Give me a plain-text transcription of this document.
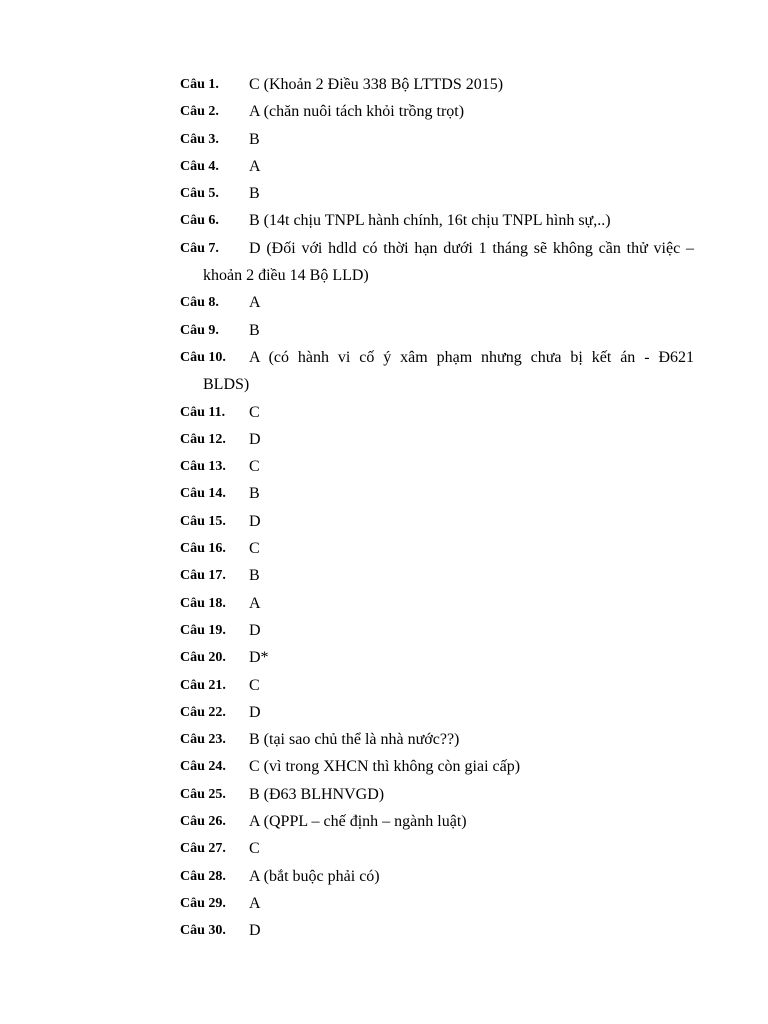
Câu 1.	C (Khoản 2 Điều 338 Bộ LTTDS 2015)
Câu 2.	A (chăn nuôi tách khỏi trồng trọt)
Câu 3.	B
Câu 4.	A
Câu 5.	B
Câu 6.	B (14t chịu TNPL hành chính, 16t chịu TNPL hình sự,..)
Câu 7.	D (Đối với hdld có thời hạn dưới 1 tháng sẽ không cần thử việc –
khoản 2 điều 14 Bộ LLD)
Câu 8.	A
Câu 9.	B
Câu 10.	A (có hành vi cố ý xâm phạm nhưng chưa bị kết án - Đ621
BLDS)
Câu 11.	C
Câu 12.	D
Câu 13.	C
Câu 14.	B
Câu 15.	D
Câu 16.	C
Câu 17.	B
Câu 18.	A
Câu 19.	D
Câu 20.	D*
Câu 21.	C
Câu 22.	D
Câu 23.	B (tại sao chủ thể là nhà nước??)
Câu 24.	C (vì trong XHCN thì không còn giai cấp)
Câu 25.	B (Đ63 BLHNVGD)
Câu 26.	A (QPPL – chế định – ngành luật)
Câu 27.	C
Câu 28.	A (bắt buộc phải có)
Câu 29.	A
Câu 30.	D
